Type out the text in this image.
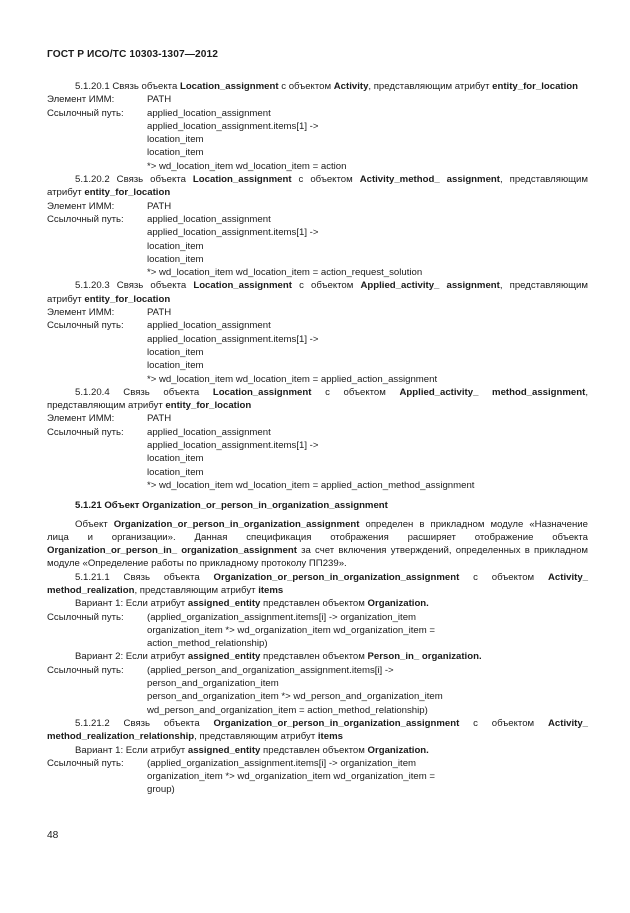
ГОСТ Р ИСО/ТС 10303-1307—2012
5.1.20.1 Связь объекта Location_assignment с объектом Activity, представляющим атрибут entity_for_location
Элемент ИММ:	PATH
Ссылочный путь: applied_location_assignment
applied_location_assignment.items[1] ->
location_item
location_item
*> wd_location_item wd_location_item = action
5.1.20.2 Связь объекта Location_assignment с объектом Activity_method_ assignment, представляющим атрибут entity_for_location
Элемент ИММ:	PATH
Ссылочный путь: applied_location_assignment
applied_location_assignment.items[1] ->
location_item
location_item
*> wd_location_item wd_location_item = action_request_solution
5.1.20.3 Связь объекта Location_assignment с объектом Applied_activity_ assignment, представляющим атрибут entity_for_location
Элемент ИММ:	PATH
Ссылочный путь: applied_location_assignment
applied_location_assignment.items[1] ->
location_item
location_item
*> wd_location_item wd_location_item = applied_action_assignment
5.1.20.4 Связь объекта Location_assignment с объектом Applied_activity_ method_assignment, представляющим атрибут entity_for_location
Элемент ИММ:	PATH
Ссылочный путь: applied_location_assignment
applied_location_assignment.items[1] ->
location_item
location_item
*> wd_location_item wd_location_item = applied_action_method_assignment
5.1.21 Объект Organization_or_person_in_organization_assignment
Объект Organization_or_person_in_organization_assignment определен в прикладном модуле «Назначение лица и организации». Данная спецификация отображения расширяет отображение объекта Organization_or_person_in_ organization_assignment за счет включения утверждений, определенных в прикладном модуле «Определение работы по прикладному протоколу ПП239».
5.1.21.1 Связь объекта Organization_or_person_in_organization_assignment с объектом Activity_ method_realization, представляющим атрибут items
Вариант 1: Если атрибут assigned_entity представлен объектом Organization.
Ссылочный путь: (applied_organization_assignment.items[i] -> organization_item
organization_item *> wd_organization_item wd_organization_item =
action_method_relationship)
Вариант 2: Если атрибут assigned_entity представлен объектом Person_in_ organization.
Ссылочный путь: (applied_person_and_organization_assignment.items[i] ->
person_and_organization_item
person_and_organization_item *> wd_person_and_organization_item
wd_person_and_organization_item = action_method_relationship)
5.1.21.2 Связь объекта Organization_or_person_in_organization_assignment с объектом Activity_ method_realization_relationship, представляющим атрибут items
Вариант 1: Если атрибут assigned_entity представлен объектом Organization.
Ссылочный путь: (applied_organization_assignment.items[i] -> organization_item
organization_item *> wd_organization_item wd_organization_item =
group)
48
